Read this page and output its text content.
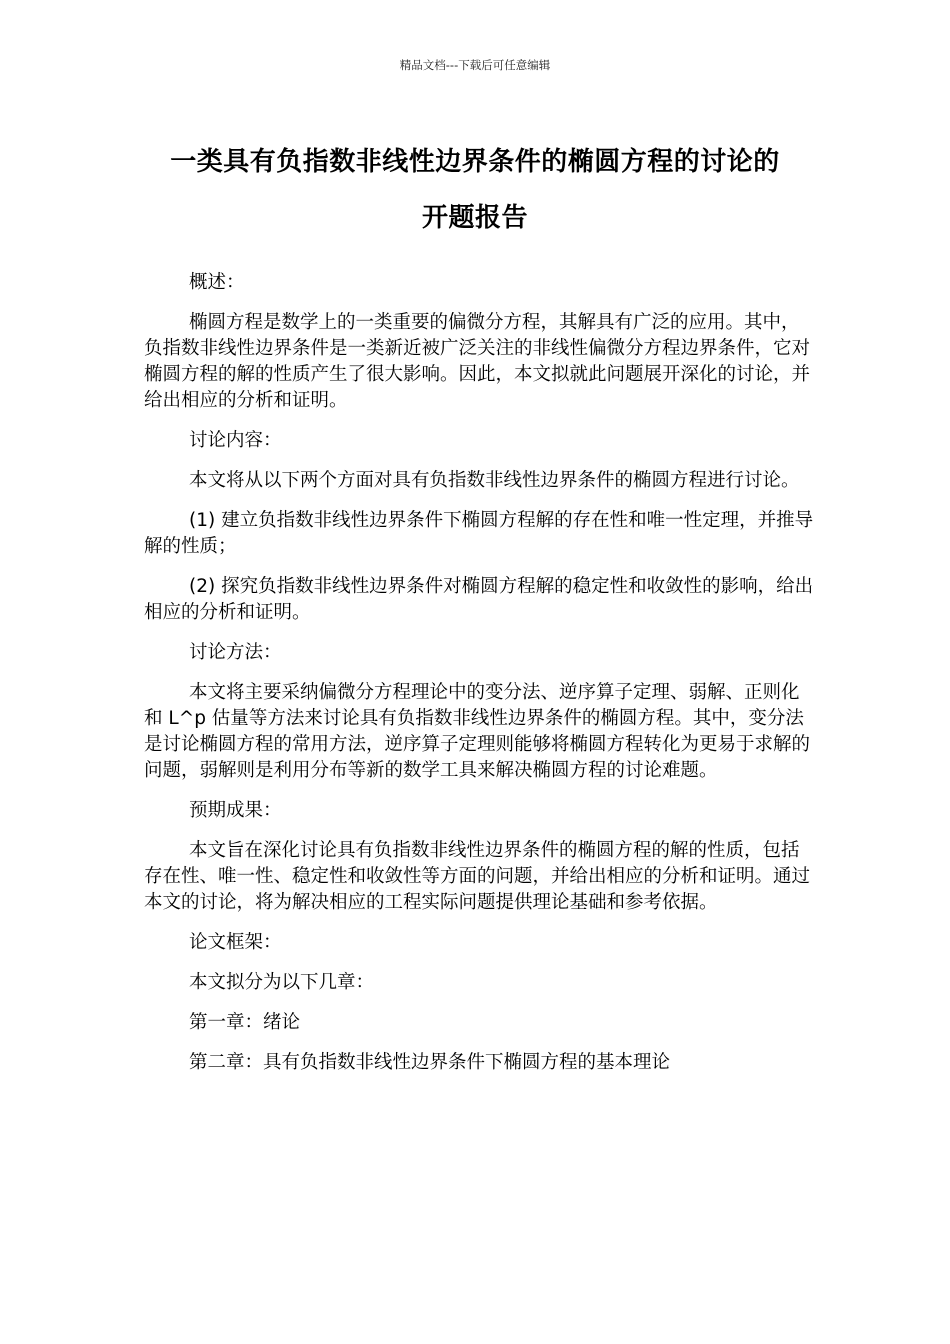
精品文档---下载后可任意编辑
一类具有负指数非线性边界条件的椭圆方程的讨论的
开题报告

概述：

椭圆方程是数学上的一类重要的偏微分方程，其解具有广泛的应用。其中，负指数非线性边界条件是一类新近被广泛关注的非线性偏微分方程边界条件，它对椭圆方程的解的性质产生了很大影响。因此，本文拟就此问题展开深化的讨论，并给出相应的分析和证明。

讨论内容：

本文将从以下两个方面对具有负指数非线性边界条件的椭圆方程进行讨论。

(1) 建立负指数非线性边界条件下椭圆方程解的存在性和唯一性定理，并推导解的性质；

(2) 探究负指数非线性边界条件对椭圆方程解的稳定性和收敛性的影响，给出相应的分析和证明。

讨论方法：

本文将主要采纳偏微分方程理论中的变分法、逆序算子定理、弱解、正则化和 L^p 估量等方法来讨论具有负指数非线性边界条件的椭圆方程。其中，变分法是讨论椭圆方程的常用方法，逆序算子定理则能够将椭圆方程转化为更易于求解的问题，弱解则是利用分布等新的数学工具来解决椭圆方程的讨论难题。

预期成果：

本文旨在深化讨论具有负指数非线性边界条件的椭圆方程的解的性质，包括存在性、唯一性、稳定性和收敛性等方面的问题，并给出相应的分析和证明。通过本文的讨论，将为解决相应的工程实际问题提供理论基础和参考依据。

论文框架：

本文拟分为以下几章：

第一章：绪论

第二章：具有负指数非线性边界条件下椭圆方程的基本理论
